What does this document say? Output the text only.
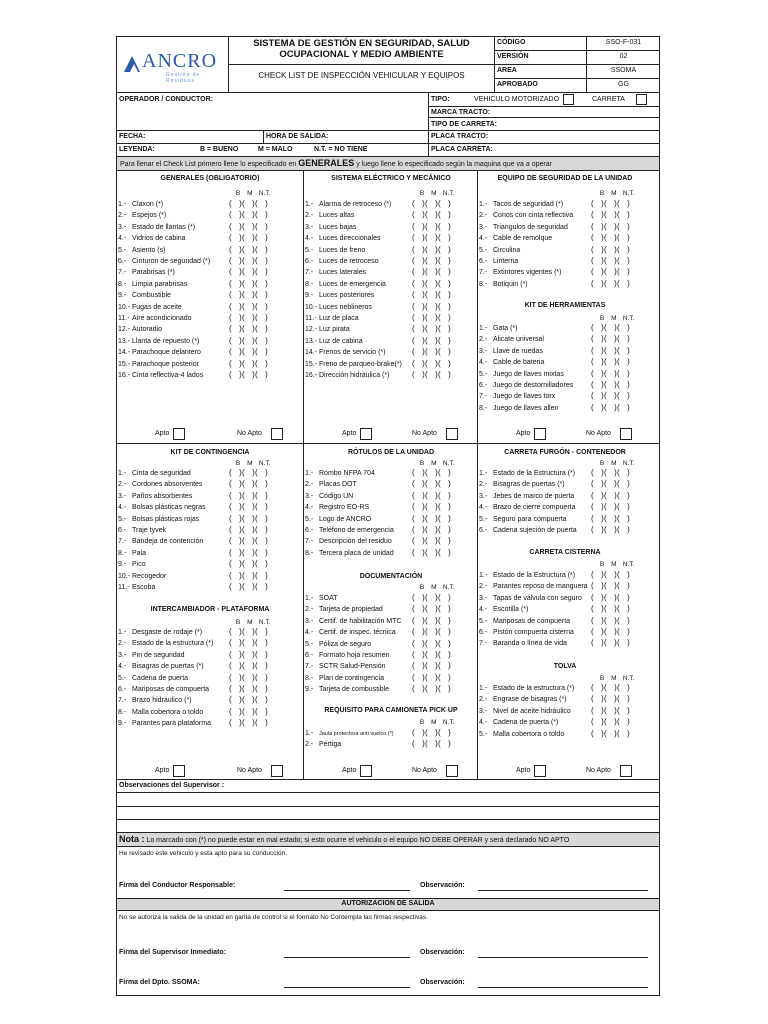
ANCRO
Gestión de Residuos
SISTEMA DE GESTIÓN EN SEGURIDAD, SALUD OCUPACIONAL Y MEDIO AMBIENTE
CHECK LIST DE INSPECCIÓN VEHICULAR Y EQUIPOS
CÓDIGO	SSO-F-031
VERSIÓN	02
AREA	SSOMA
APROBADO	GG
OPERADOR / CONDUCTOR:	TIPO:	VEHICULO MOTORIZADO	CARRETA
MARCA TRACTO:
TIPO DE CARRETA:
FECHA:	HORA DE SALIDA:	PLACA TRACTO:
LEYENDA:	B = BUENO	M = MALO	N.T. = NO TIENE	PLACA CARRETA:
Para llenar el Check List primero llene lo especificado en GENERALES y luego llene lo especificado según la maquina que va a operar
GENERALES (OBLIGATORIO)
B M N.T.
1.- Claxon (*)	(   )(   )(   )
2.- Espejos (*)	(   )(   )(   )
3.- Estado de llantas (*)	(   )(   )(   )
4.- Vidrios de cabina	(   )(   )(   )
5.- Asiento (s)	(   )(   )(   )
6.- Cinturon de seguridad (*) (   )(   )(   )
7.- Parabrisas (*)	(   )(   )(   )
8.- Limpia parabrisas	(   )(   )(   )
9.- Combustible	(   )(   )(   )
10.- Fugas de aceite	(   )(   )(   )
11.- Aire acondicionado	(   )(   )(   )
12.- Autoradio	(   )(   )(   )
13.- Llanta de repuesto (*)	(   )(   )(   )
14.- Parachoque delantero	(   )(   )(   )
15.- Parachoque posterior	(   )(   )(   )
16.- Cinta reflectiva-4 lados	(   )(   )(   )
Apto	No Apto
SISTEMA ELÉCTRICO Y MECÁNICO
B M N.T.
1.- Alarma de retroceso (*)	(   )(   )(   )
2.- Luces altas	(   )(   )(   )
3.- Luces bajas	(   )(   )(   )
4.- Luces direccionales	(   )(   )(   )
5.- Luces de freno	(   )(   )(   )
6.- Luces de retroceso	(   )(   )(   )
7.- Luces laterales	(   )(   )(   )
8.- Luces de emergencia	(   )(   )(   )
9.- Luces posteriores	(   )(   )(   )
10.- Luces neblineros	(   )(   )(   )
11.- Luz de placa	(   )(   )(   )
12.- Luz pirata	(   )(   )(   )
13.- Luz de cabina	(   )(   )(   )
14.- Frenos de servicio (*)	(   )(   )(   )
15.- Freno de parqueo-brake(*) (   )(   )(   )
16.- Dirección hidráulica (*)	(   )(   )(   )
Apto	No Apto
EQUIPO DE SEGURIDAD DE LA UNIDAD
B M N.T.
1.- Tacos de seguridad (*)	(   )(   )(   )
2.- Conos con cinta reflectiva (   )(   )(   )
3.- Triangulos de seguridad	(   )(   )(   )
4.- Cable de remolque	(   )(   )(   )
5.- Circulina	(   )(   )(   )
6.- Linterna	(   )(   )(   )
7.- Extintores vigentes (*)	(   )(   )(   )
8.- Botiquin (*)	(   )(   )(   )
KIT DE HERRAMIENTAS
B M N.T.
1.- Gata (*)	(   )(   )(   )
2.- Alicate universal	(   )(   )(   )
3.- Llave de ruedas	(   )(   )(   )
4.- Cable de bateria	(   )(   )(   )
5.- Juego de llaves mixtas	(   )(   )(   )
6.- Juego de destornilladores (   )(   )(   )
7.- Juego de llaves torx	(   )(   )(   )
8.- Juego de llaves allen	(   )(   )(   )
Apto	No Apto
KIT DE CONTINGENCIA
B M N.T.
1.- Cinta de seguridad	(   )(   )(   )
2.- Cordones absorventes	(   )(   )(   )
3.- Paños absorbentes	(   )(   )(   )
4.- Bolsas plásticas negras	(   )(   )(   )
5.- Bolsas plásticas rojas	(   )(   )(   )
6.- Traje tyvek	(   )(   )(   )
7.- Bandeja de contención	(   )(   )(   )
8.- Pala	(   )(   )(   )
9.- Pico	(   )(   )(   )
10.- Recogedor	(   )(   )(   )
11.- Escoba	(   )(   )(   )
RÓTULOS DE LA UNIDAD
B M N.T.
1.- Rombo NFPA 704	(   )(   )(   )
2.- Placas DOT	(   )(   )(   )
3.- Código UN	(   )(   )(   )
4.- Registro EO-RS	(   )(   )(   )
5.- Logo de ANCRO	(   )(   )(   )
6.- Teléfono de emergencia (   )(   )(   )
7.- Descripción del residuo	(   )(   )(   )
8.- Tercera placa de unidad (   )(   )(   )
CARRETA FURGÓN - CONTENEDOR
B M N.T.
1.- Estado de la Estructura (*) (   )(   )(   )
2.- Bisagras de puertas (*)	(   )(   )(   )
3.- Jebes de marco de puerta (   )(   )(   )
4.- Brazo de cierre compuerta (   )(   )(   )
5.- Seguro para compuerta	(   )(   )(   )
6.- Cadena sujeción de puerta (   )(   )(   )
INTERCAMBIADOR - PLATAFORMA
B M N.T.
1.- Desgaste de rodaje (*)	(   )(   )(   )
2.- Estado de la estructura (*) (   )(   )(   )
3.- Pin de seguridad	(   )(   )(   )
4.- Bisagras de puertas (*)	(   )(   )(   )
5.- Cadena de puerta	(   )(   )(   )
6.- Mariposas de compuerta (   )(   )(   )
7.- Brazo hidráulico (*)	(   )(   )(   )
8.- Malla cobertora o toldo	(   )(   )(   )
9.- Parantes para plataforma (   )(   )(   )
Apto	No Apto
DOCUMENTACIÓN
B M N.T.
1.- SOAT	(   )(   )(   )
2.- Tarjeta de propiedad	(   )(   )(   )
3.- Certif. de habilitación MTC (   )(   )(   )
4.- Certif. de inspec. técnica (   )(   )(   )
5.- Póliza de seguro	(   )(   )(   )
6.- Formato hoja resumen	(   )(   )(   )
7.- SCTR Salud-Pensión	(   )(   )(   )
8.- Plan de contingencia	(   )(   )(   )
9.- Tarjeta de combustible	(   )(   )(   )
REQUISITO PARA CAMIONETA PICK UP
B M N.T.
1.- Jaula protectora anti vuelco (*) (   )(   )(   )
2.- Pértiga	(   )(   )(   )
Apto	No Apto
CARRETA CISTERNA
B M N.T.
1.- Estado de la Estructura (*) (   )(   )(   )
2.- Parantes reposo de manguera (   )(   )(   )
3.- Tapas de válvula con seguro (   )(   )(   )
4.- Escotilla (*)	(   )(   )(   )
5.- Mariposas de compuerta	(   )(   )(   )
6.- Pistón compuerta cisterna (   )(   )(   )
7.- Baranda o línea de vida	(   )(   )(   )
TOLVA
B M N.T.
1.- Estado de la estructura (*) (   )(   )(   )
2.- Engrase de bisagras (*)	(   )(   )(   )
3.- Nivel de aceite hidráulico	(   )(   )(   )
4.- Cadena de puerta (*)	(   )(   )(   )
5.- Malla cobertora o toldo	(   )(   )(   )
Apto	No Apto
Observaciones del Supervisor :
Nota : Lo marcado con (*) no puede estar en mal estado; si esto ocurre el vehiculo o el equipo NO DEBE OPERAR y será declarado NO APTO
He revisado este vehiculo y esta apto para su conducción.
Firma del Conductor Responsable:	Observación:
AUTORIZACIÓN DE SALIDA
No se autoriza la salida de la unidad en garita de control si el formato No Contempla las firmas respectivas.
Firma del Supervisor Inmediato:	Observación:
Firma del Dpto. SSOMA:	Observación:
